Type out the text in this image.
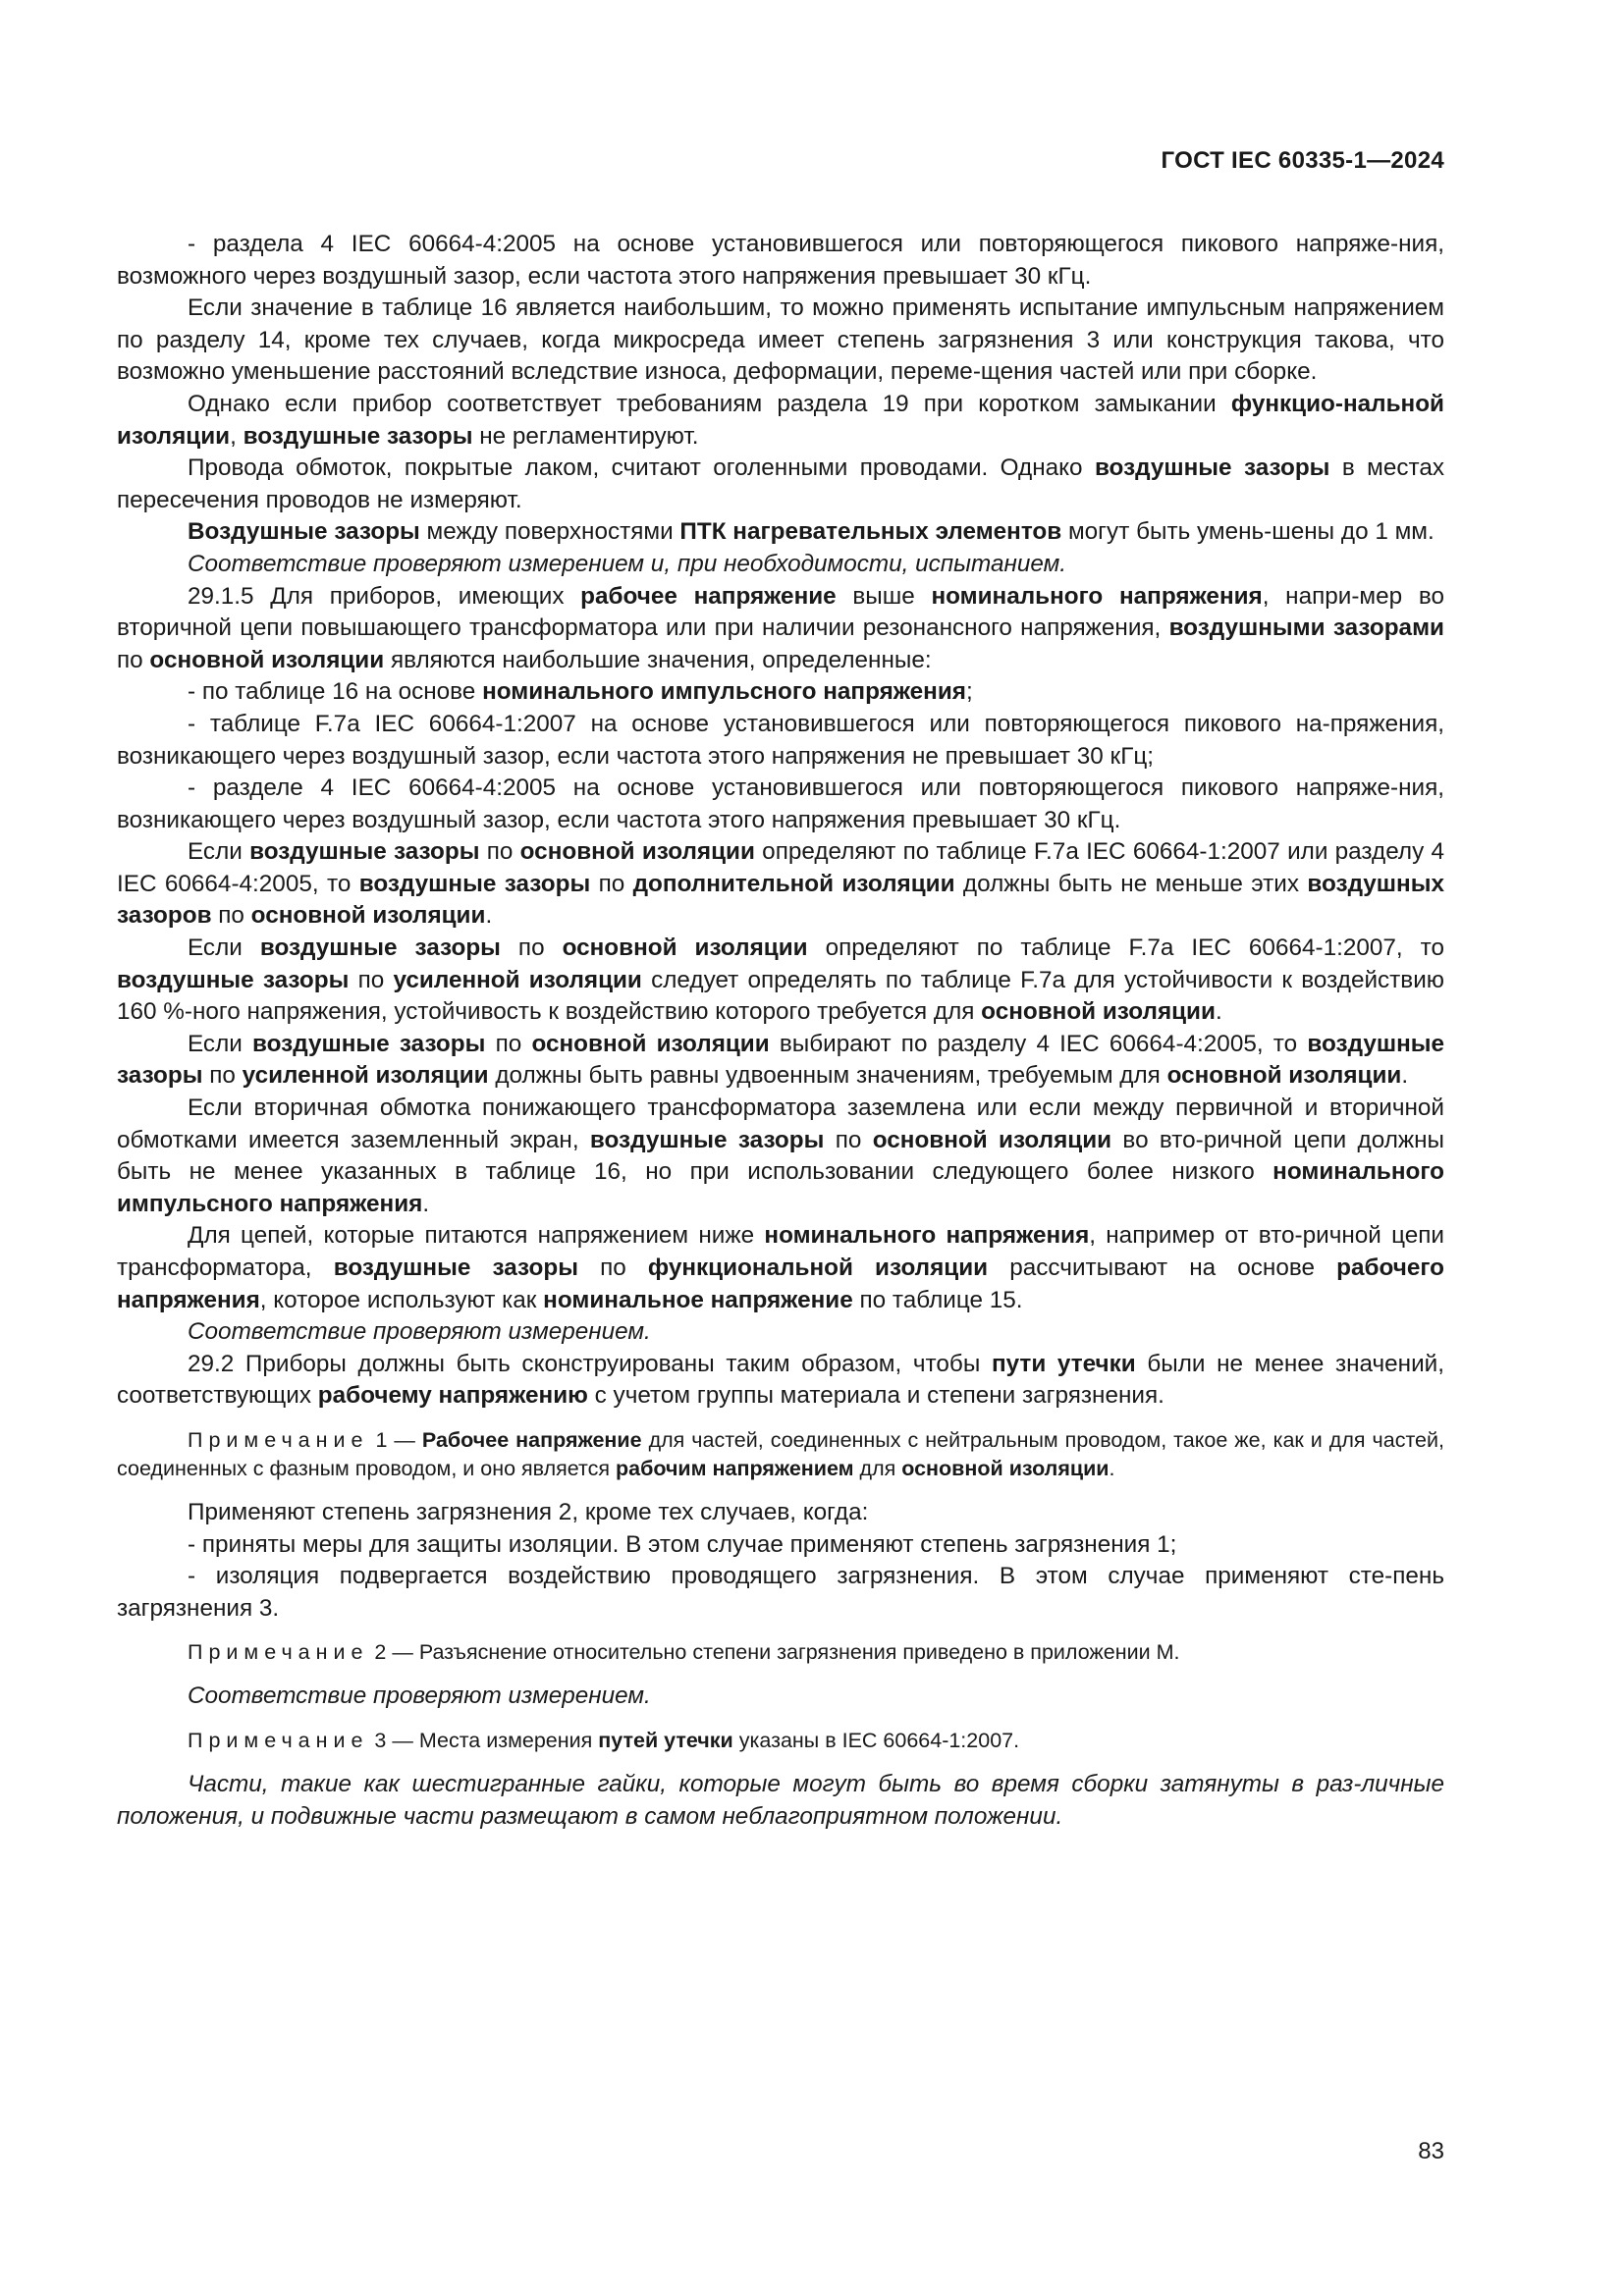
ГОСТ IEC 60335-1—2024

- раздела 4 IEC 60664-4:2005 на основе установившегося или повторяющегося пикового напряже-ния, возможного через воздушный зазор, если частота этого напряжения превышает 30 кГц.

Если значение в таблице 16 является наибольшим, то можно применять испытание импульсным напряжением по разделу 14, кроме тех случаев, когда микросреда имеет степень загрязнения 3 или конструкция такова, что возможно уменьшение расстояний вследствие износа, деформации, переме-щения частей или при сборке.

Однако если прибор соответствует требованиям раздела 19 при коротком замыкании функцио-нальной изоляции, воздушные зазоры не регламентируют.

Провода обмоток, покрытые лаком, считают оголенными проводами. Однако воздушные зазоры в местах пересечения проводов не измеряют.

Воздушные зазоры между поверхностями ПТК нагревательных элементов могут быть умень-шены до 1 мм.

Соответствие проверяют измерением и, при необходимости, испытанием.

29.1.5 Для приборов, имеющих рабочее напряжение выше номинального напряжения, напри-мер во вторичной цепи повышающего трансформатора или при наличии резонансного напряжения, воздушными зазорами по основной изоляции являются наибольшие значения, определенные:

- по таблице 16 на основе номинального импульсного напряжения;

- таблице F.7a IEC 60664-1:2007 на основе установившегося или повторяющегося пикового на-пряжения, возникающего через воздушный зазор, если частота этого напряжения не превышает 30 кГц;

- разделе 4 IEC 60664-4:2005 на основе установившегося или повторяющегося пикового напряже-ния, возникающего через воздушный зазор, если частота этого напряжения превышает 30 кГц.

Если воздушные зазоры по основной изоляции определяют по таблице F.7a IEC 60664-1:2007 или разделу 4 IEC 60664-4:2005, то воздушные зазоры по дополнительной изоляции должны быть не меньше этих воздушных зазоров по основной изоляции.

Если воздушные зазоры по основной изоляции определяют по таблице F.7a IEC 60664-1:2007, то воздушные зазоры по усиленной изоляции следует определять по таблице F.7a для устойчивости к воздействию 160 %-ного напряжения, устойчивость к воздействию которого требуется для основной изоляции.

Если воздушные зазоры по основной изоляции выбирают по разделу 4 IEC 60664-4:2005, то воздушные зазоры по усиленной изоляции должны быть равны удвоенным значениям, требуемым для основной изоляции.

Если вторичная обмотка понижающего трансформатора заземлена или если между первичной и вторичной обмотками имеется заземленный экран, воздушные зазоры по основной изоляции во вто-ричной цепи должны быть не менее указанных в таблице 16, но при использовании следующего более низкого номинального импульсного напряжения.

Для цепей, которые питаются напряжением ниже номинального напряжения, например от вто-ричной цепи трансформатора, воздушные зазоры по функциональной изоляции рассчитывают на основе рабочего напряжения, которое используют как номинальное напряжение по таблице 15.

Соответствие проверяют измерением.

29.2 Приборы должны быть сконструированы таким образом, чтобы пути утечки были не менее значений, соответствующих рабочему напряжению с учетом группы материала и степени загрязнения.

Примечание 1 — Рабочее напряжение для частей, соединенных с нейтральным проводом, такое же, как и для частей, соединенных с фазным проводом, и оно является рабочим напряжением для основной изоляции.

Применяют степень загрязнения 2, кроме тех случаев, когда:

- приняты меры для защиты изоляции. В этом случае применяют степень загрязнения 1;

- изоляция подвергается воздействию проводящего загрязнения. В этом случае применяют сте-пень загрязнения 3.

Примечание 2 — Разъяснение относительно степени загрязнения приведено в приложении M.

Соответствие проверяют измерением.

Примечание 3 — Места измерения путей утечки указаны в IEC 60664-1:2007.

Части, такие как шестигранные гайки, которые могут быть во время сборки затянуты в раз-личные положения, и подвижные части размещают в самом неблагоприятном положении.

83
